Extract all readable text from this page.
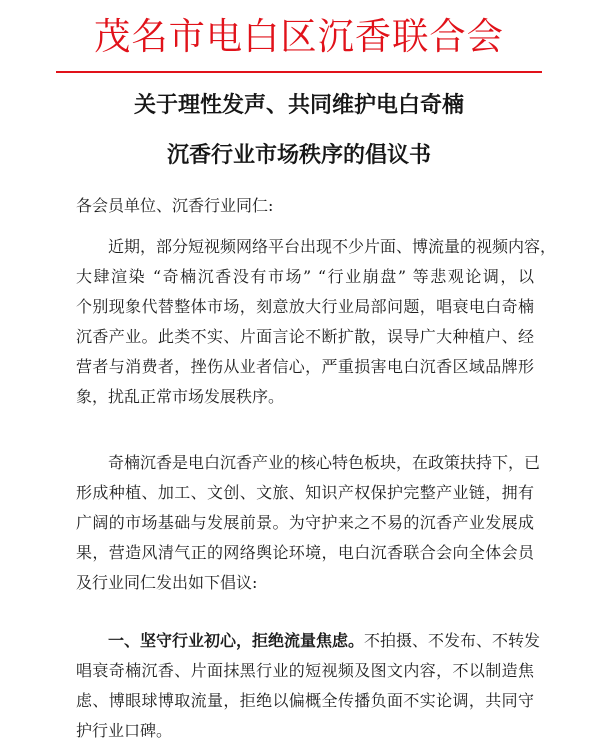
茂名市电白区沉香联合会
关于理性发声、共同维护电白奇楠
沉香行业市场秩序的倡议书
各会员单位、沉香行业同仁:
近期，部分短视频网络平台出现不少片面、博流量的视频内容，
大肆渲染 “奇楠沉香没有市场” “行业崩盘” 等悲观论调，以
个别现象代替整体市场，刻意放大行业局部问题，唱衰电白奇楠
沉香产业。此类不实、片面言论不断扩散，误导广大种植户、经
营者与消费者，挫伤从业者信心，严重损害电白沉香区域品牌形
象，扰乱正常市场发展秩序。
奇楠沉香是电白沉香产业的核心特色板块，在政策扶持下，已
形成种植、加工、文创、文旅、知识产权保护完整产业链，拥有
广阔的市场基础与发展前景。为守护来之不易的沉香产业发展成
果，营造风清气正的网络舆论环境，电白沉香联合会向全体会员
及行业同仁发出如下倡议:
一、坚守行业初心，拒绝流量焦虑。不拍摄、不发布、不转发
唱衰奇楠沉香、片面抹黑行业的短视频及图文内容，不以制造焦
虑、博眼球博取流量，拒绝以偏概全传播负面不实论调，共同守
护行业口碑。
